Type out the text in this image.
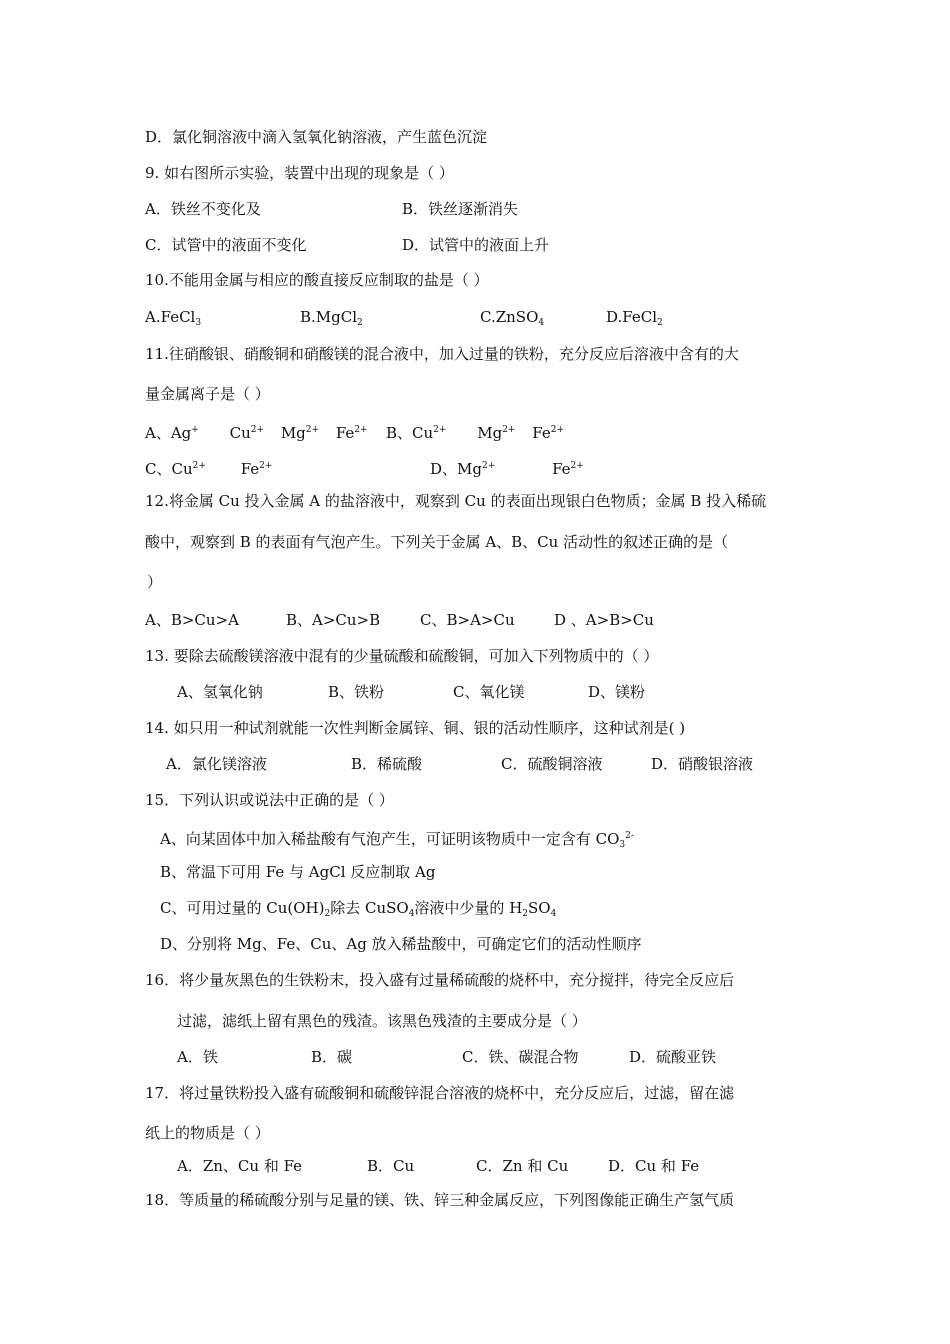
D．氯化铜溶液中滴入氢氧化钠溶液，产生蓝色沉淀
9. 如右图所示实验，装置中出现的现象是（ ）
A．铁丝不变化及	B．铁丝逐渐消失
C．试管中的液面不变化	D．试管中的液面上升
10.不能用金属与相应的酸直接反应制取的盐是（ ）
A.FeCl$_3$	B.MgCl$_2$	C.ZnSO$_4$	D.FeCl$_2$
11.往硝酸银、硝酸铜和硝酸镁的混合液中，加入过量的铁粉，充分反应后溶液中含有的大
量金属离子是（ ）
A、Ag+ $Cu^{2+}$ $Mg^{2+}$ $Fe^{2+}$ B、$Cu^{2+}$ $Mg^{2+}$ $Fe^{2+}$
C、$Cu^{2+}$ $Fe^{2+}$	D、$Mg^{2+}$	$Fe^{2+}$
12.将金属 Cu 投入金属 A 的盐溶液中，观察到 Cu 的表面出现银白色物质；金属 B 投入稀硫
酸中，观察到 B 的表面有气泡产生。下列关于金属 A、B、Cu 活动性的叙述正确的是（
）
A、B>Cu>A	B、A>Cu>B	C、B>A>Cu	D 、A>B>Cu
13. 要除去硫酸镁溶液中混有的少量硫酸和硫酸铜，可加入下列物质中的（ ）
A、氢氧化钠	B、铁粉	C、氧化镁	D、镁粉
14. 如只用一种试剂就能一次性判断金属锌、铜、银的活动性顺序，这种试剂是( )
A．氯化镁溶液	B．稀硫酸	C．硫酸铜溶液	D．硝酸银溶液
15．下列认识或说法中正确的是（ ）
A、向某固体中加入稀盐酸有气泡产生，可证明该物质中一定含有 $CO_3^{2-}$
B、常温下可用 Fe 与 AgCl 反应制取 Ag
C、可用过量的 $Cu(OH)_2$除去 CuSO$_4$溶液中少量的 $H_2SO_4$
D、分别将 Mg、Fe、Cu、Ag 放入稀盐酸中，可确定它们的活动性顺序
16．将少量灰黑色的生铁粉末，投入盛有过量稀硫酸的烧杯中，充分搅拌，待完全反应后
过滤，滤纸上留有黑色的残渣。该黑色残渣的主要成分是（ ）
A．铁	B．碳	C．铁、碳混合物	D．硫酸亚铁
17．将过量铁粉投入盛有硫酸铜和硫酸锌混合溶液的烧杯中，充分反应后，过滤，留在滤
纸上的物质是（ ）
A．Zn、Cu 和 Fe	B．Cu	C．Zn 和 Cu	D．Cu 和 Fe
18．等质量的稀硫酸分别与足量的镁、铁、锌三种金属反应，下列图像能正确生产氢气质
